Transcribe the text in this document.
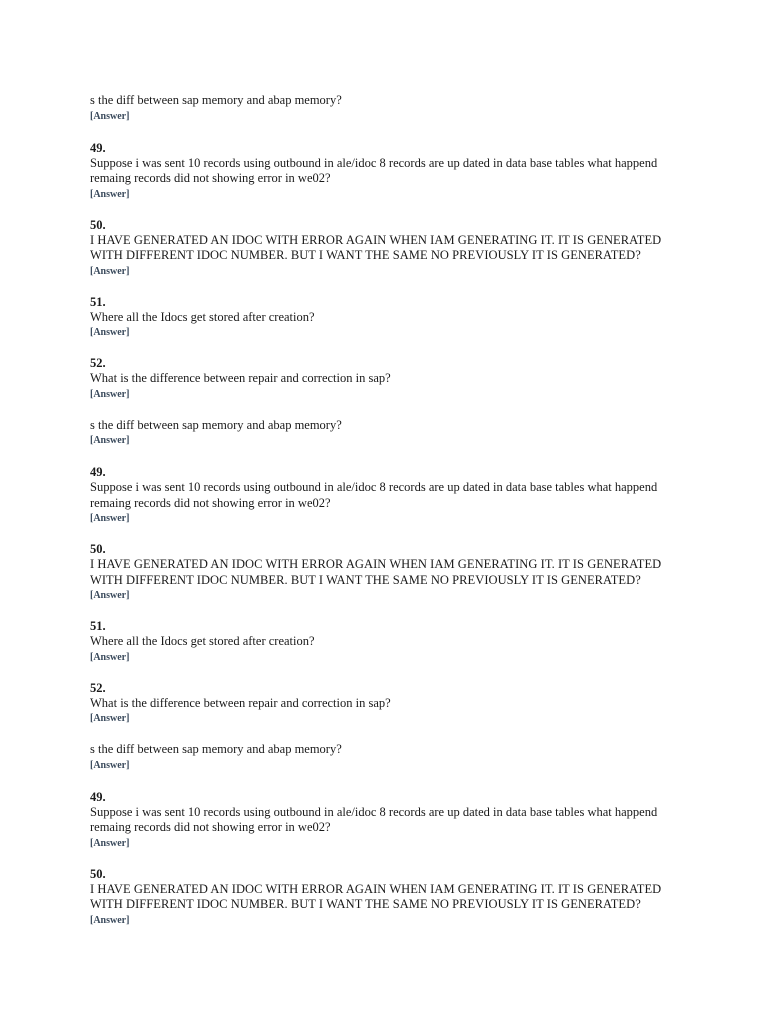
s the diff between sap memory and abap memory?

[Answer]

49.

Suppose i was sent 10 records using outbound in ale/idoc 8 records are up dated in data base tables what happend remaing records did not showing error in we02?

[Answer]

50.

I HAVE GENERATED AN IDOC WITH ERROR AGAIN WHEN IAM GENERATING IT. IT IS GENERATED WITH DIFFERENT IDOC NUMBER. BUT I WANT THE SAME NO PREVIOUSLY IT IS GENERATED?

[Answer]

51.

Where all the Idocs get stored after creation?

[Answer]

52.

What is the difference between repair and correction in sap?

[Answer]

s the diff between sap memory and abap memory?

[Answer]

49.

Suppose i was sent 10 records using outbound in ale/idoc 8 records are up dated in data base tables what happend remaing records did not showing error in we02?

[Answer]

50.

I HAVE GENERATED AN IDOC WITH ERROR AGAIN WHEN IAM GENERATING IT. IT IS GENERATED WITH DIFFERENT IDOC NUMBER. BUT I WANT THE SAME NO PREVIOUSLY IT IS GENERATED?

[Answer]

51.

Where all the Idocs get stored after creation?

[Answer]

52.

What is the difference between repair and correction in sap?

[Answer]

s the diff between sap memory and abap memory?

[Answer]

49.

Suppose i was sent 10 records using outbound in ale/idoc 8 records are up dated in data base tables what happend remaing records did not showing error in we02?

[Answer]

50.

I HAVE GENERATED AN IDOC WITH ERROR AGAIN WHEN IAM GENERATING IT. IT IS GENERATED WITH DIFFERENT IDOC NUMBER. BUT I WANT THE SAME NO PREVIOUSLY IT IS GENERATED?

[Answer]
